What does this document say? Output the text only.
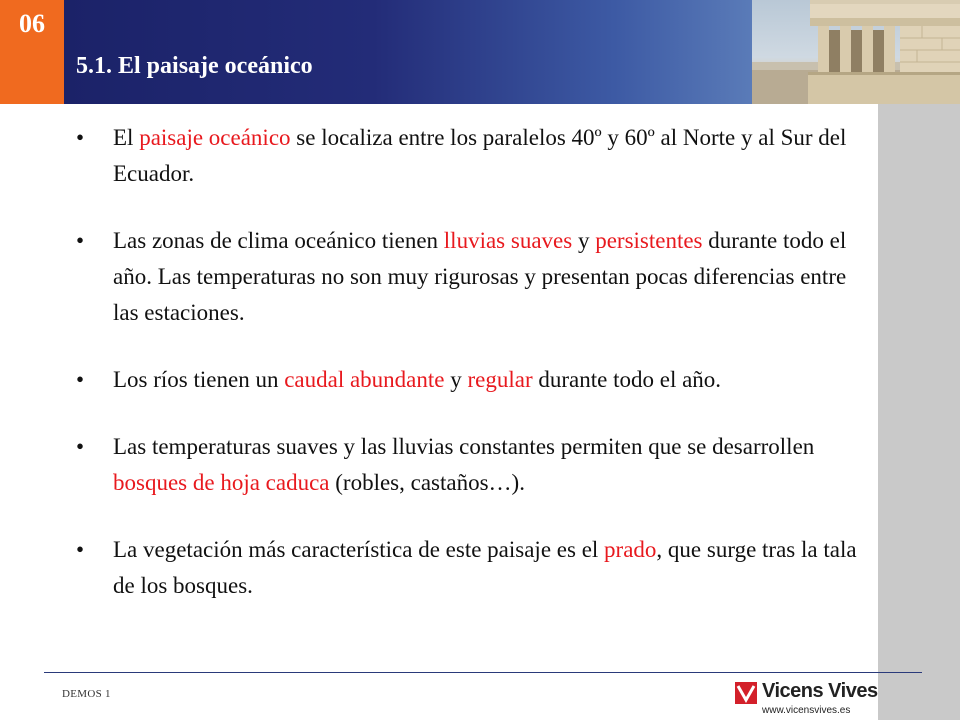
06
5.1. El paisaje oceánico
• El paisaje oceánico se localiza entre los paralelos 40º y 60º al Norte y al Sur del Ecuador.
• Las zonas de clima oceánico tienen lluvias suaves y persistentes durante todo el año. Las temperaturas no son muy rigurosas y presentan pocas diferencias entre las estaciones.
• Los ríos tienen un caudal abundante y regular durante todo el año.
• Las temperaturas suaves y las lluvias constantes permiten que se desarrollen bosques de hoja caduca (robles, castaños…).
• La vegetación más característica de este paisaje es el prado, que surge tras la tala de los bosques.
DEMOS 1	Vicens Vives
www.vicensvives.es
